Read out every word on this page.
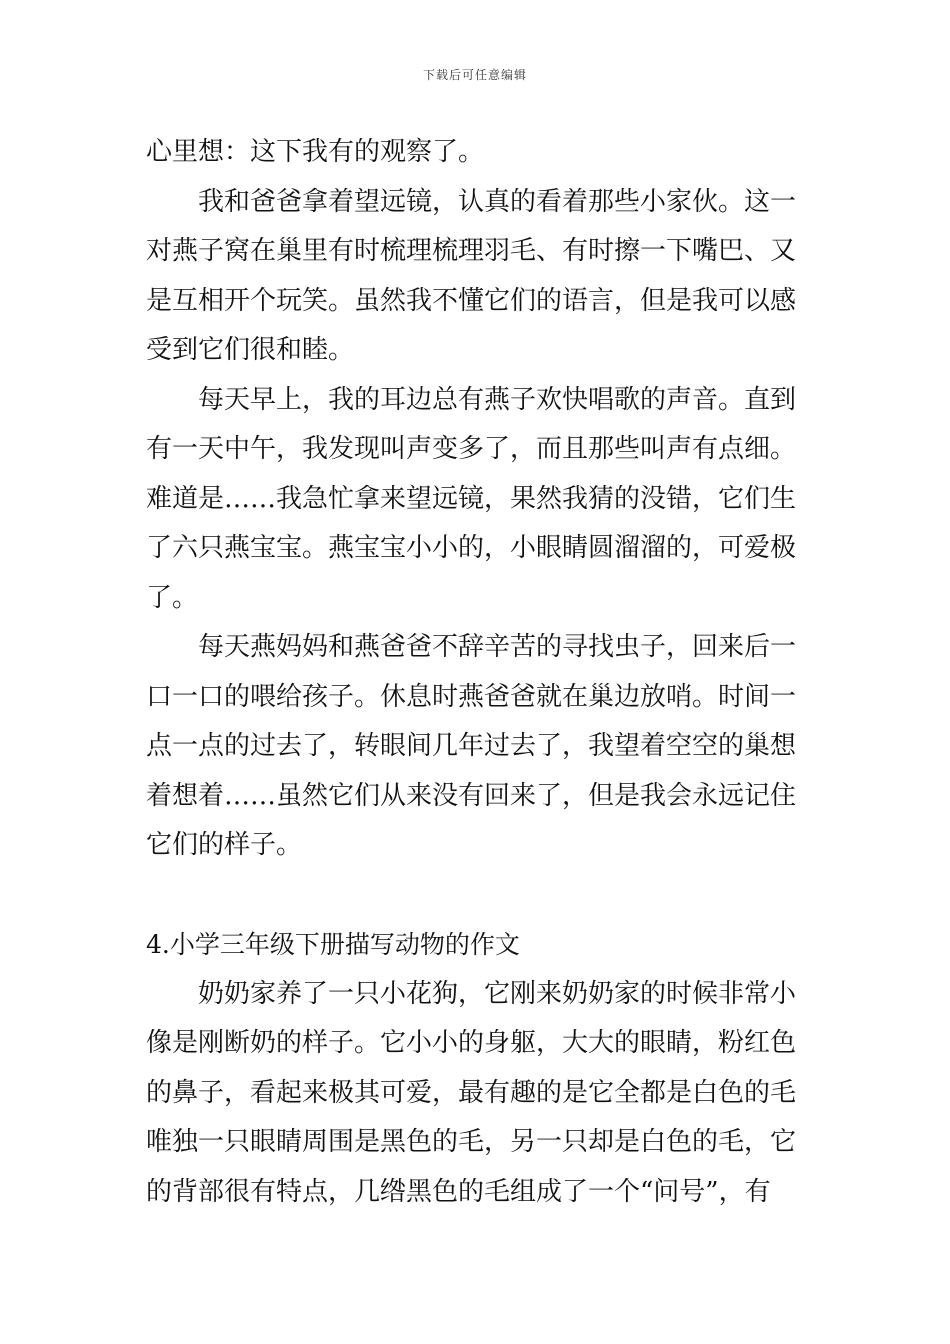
下载后可任意编辑
心里想：这下我有的观察了。
我和爸爸拿着望远镜，认真的看着那些小家伙。这一
对燕子窝在巢里有时梳理梳理羽毛、有时擦一下嘴巴、又
是互相开个玩笑。虽然我不懂它们的语言，但是我可以感
受到它们很和睦。
每天早上，我的耳边总有燕子欢快唱歌的声音。直到
有一天中午，我发现叫声变多了，而且那些叫声有点细。
难道是……我急忙拿来望远镜，果然我猜的没错，它们生
了六只燕宝宝。燕宝宝小小的，小眼睛圆溜溜的，可爱极
了。
每天燕妈妈和燕爸爸不辞辛苦的寻找虫子，回来后一
口一口的喂给孩子。休息时燕爸爸就在巢边放哨。时间一
点一点的过去了，转眼间几年过去了，我望着空空的巢想
着想着……虽然它们从来没有回来了，但是我会永远记住
它们的样子。
4.小学三年级下册描写动物的作文
奶奶家养了一只小花狗，它刚来奶奶家的时候非常小
像是刚断奶的样子。它小小的身躯，大大的眼睛，粉红色
的鼻子，看起来极其可爱，最有趣的是它全都是白色的毛
唯独一只眼睛周围是黑色的毛，另一只却是白色的毛，它
的背部很有特点，几绺黑色的毛组成了一个“问号”，有
